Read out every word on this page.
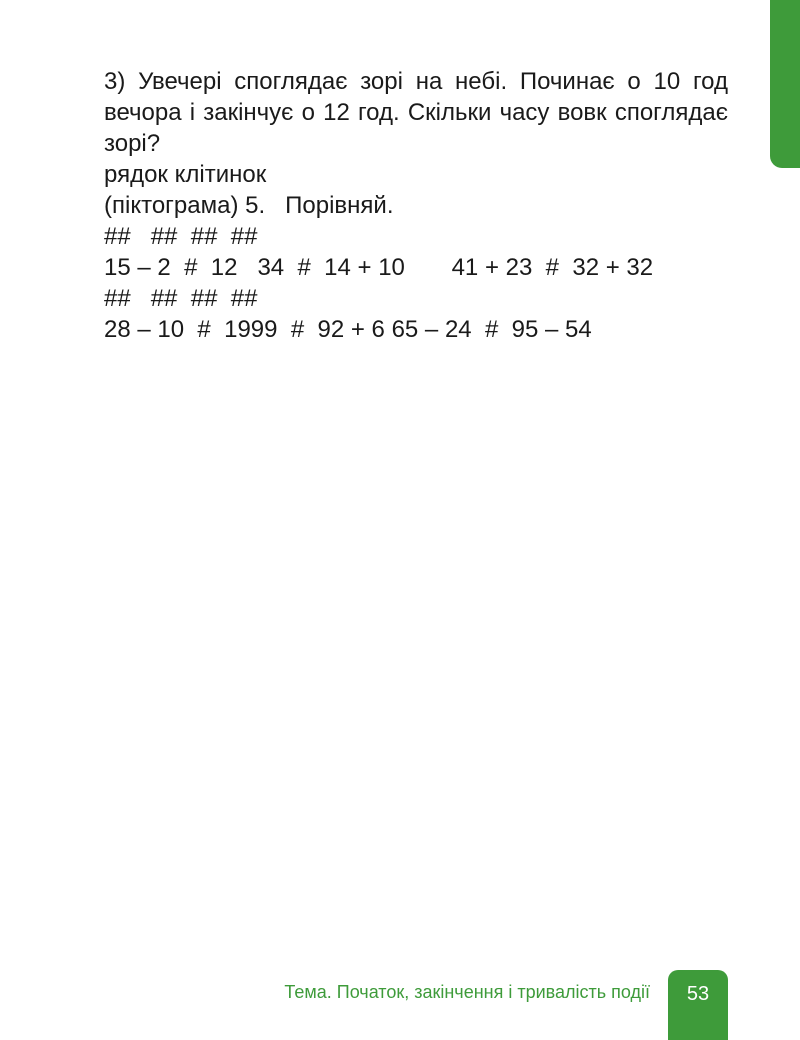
3) Увечері споглядає зорі на небі. Починає о 10 год вечора і закінчує о 12 год. Скільки часу вовк споглядає зорі?

рядок клітинок

(піктограма) 5.   Порівняй.

##   ##  ##  ##

15 – 2  #  12   34  #  14 + 10       41 + 23  #  32 + 32

##   ##  ##  ##

28 – 10  #  1999  #  92 + 6 65 – 24  #  95 – 54

Тема. Початок, закінчення і тривалість події	53
